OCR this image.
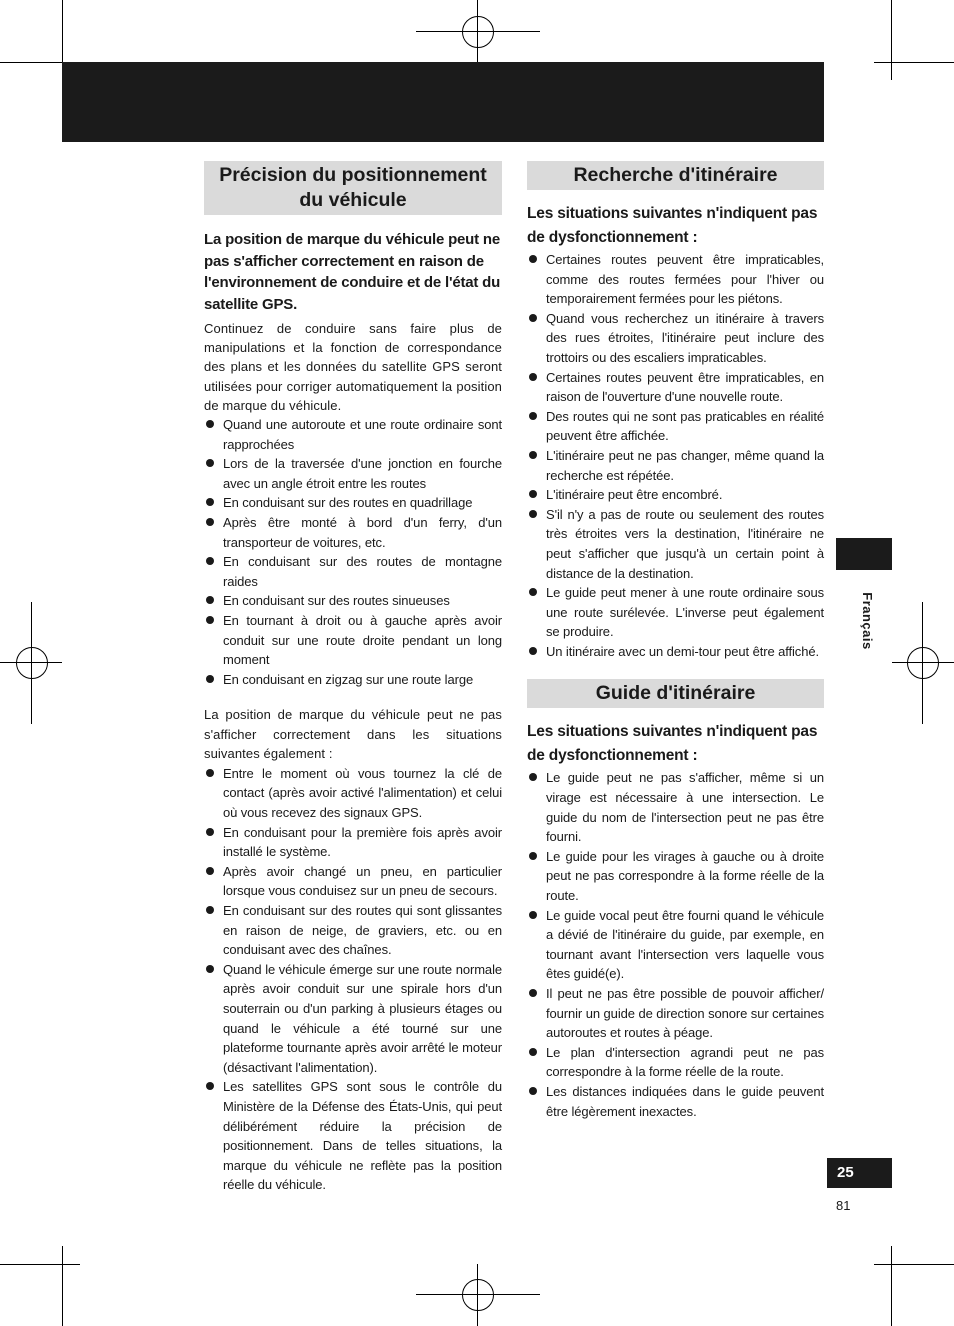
Précision du positionnement du véhicule

La position de marque du véhicule peut ne pas s'afficher correctement en raison de l'environnement de conduire et de l'état du satellite GPS.

Continuez de conduire sans faire plus de manipulations et la fonction de correspondance des plans et les données du satellite GPS seront utilisées pour corriger automatiquement la position de marque du véhicule.

Quand une autoroute et une route ordinaire sont rapprochées
Lors de la traversée d'une jonction en fourche avec un angle étroit entre les routes
En conduisant sur des routes en quadrillage
Après être monté à bord d'un ferry, d'un transporteur de voitures, etc.
En conduisant sur des routes de montagne raides
En conduisant sur des routes sinueuses
En tournant à droit ou à gauche après avoir conduit sur une route droite pendant un long moment
En conduisant en zigzag sur une route large

La position de marque du véhicule peut ne pas s'afficher correctement dans les situations suivantes également :

Entre le moment où vous tournez la clé de contact (après avoir activé l'alimentation) et celui où vous recevez des signaux GPS.
En conduisant pour la première fois après avoir installé le système.
Après avoir changé un pneu, en particulier lorsque vous conduisez sur un pneu de secours.
En conduisant sur des routes qui sont glissantes en raison de neige, de graviers, etc. ou en conduisant avec des chaînes.
Quand le véhicule émerge sur une route normale après avoir conduit sur une spirale hors d'un souterrain ou d'un parking à plusieurs étages ou quand le véhicule a été tourné sur une plateforme tournante après avoir arrêté le moteur (désactivant l'alimentation).
Les satellites GPS sont sous le contrôle du Ministère de la Défense des États-Unis, qui peut délibérément réduire la précision de positionnement. Dans de telles situations, la marque du véhicule ne reflète pas la position réelle du véhicule.
Recherche d'itinéraire

Les situations suivantes n'indiquent pas de dysfonctionnement :

Certaines routes peuvent être impraticables, comme des routes fermées pour l'hiver ou temporairement fermées pour les piétons.
Quand vous recherchez un itinéraire à travers des rues étroites, l'itinéraire peut inclure des trottoirs ou des escaliers impraticables.
Certaines routes peuvent être impraticables, en raison de l'ouverture d'une nouvelle route.
Des routes qui ne sont pas praticables en réalité peuvent être affichée.
L'itinéraire peut ne pas changer, même quand la recherche est répétée.
L'itinéraire peut être encombré.
S'il n'y a pas de route ou seulement des routes très étroites vers la destination, l'itinéraire ne peut s'afficher que jusqu'à un certain point à distance de la destination.
Le guide peut mener à une route ordinaire sous une route surélevée. L'inverse peut également se produire.
Un itinéraire avec un demi-tour peut être affiché.
Guide d'itinéraire

Les situations suivantes n'indiquent pas de dysfonctionnement :

Le guide peut ne pas s'afficher, même si un virage est nécessaire à une intersection. Le guide du nom de l'intersection peut ne pas être fourni.
Le guide pour les virages à gauche ou à droite peut ne pas correspondre à la forme réelle de la route.
Le guide vocal peut être fourni quand le véhicule a dévié de l'itinéraire du guide, par exemple, en tournant avant l'intersection vers laquelle vous êtes guidé(e).
Il peut ne pas être possible de pouvoir afficher/ fournir un guide de direction sonore sur certaines autoroutes et routes à péage.
Le plan d'intersection agrandi peut ne pas correspondre à la forme réelle de la route.
Les distances indiquées dans le guide peuvent être légèrement inexactes.
Français
25
81
